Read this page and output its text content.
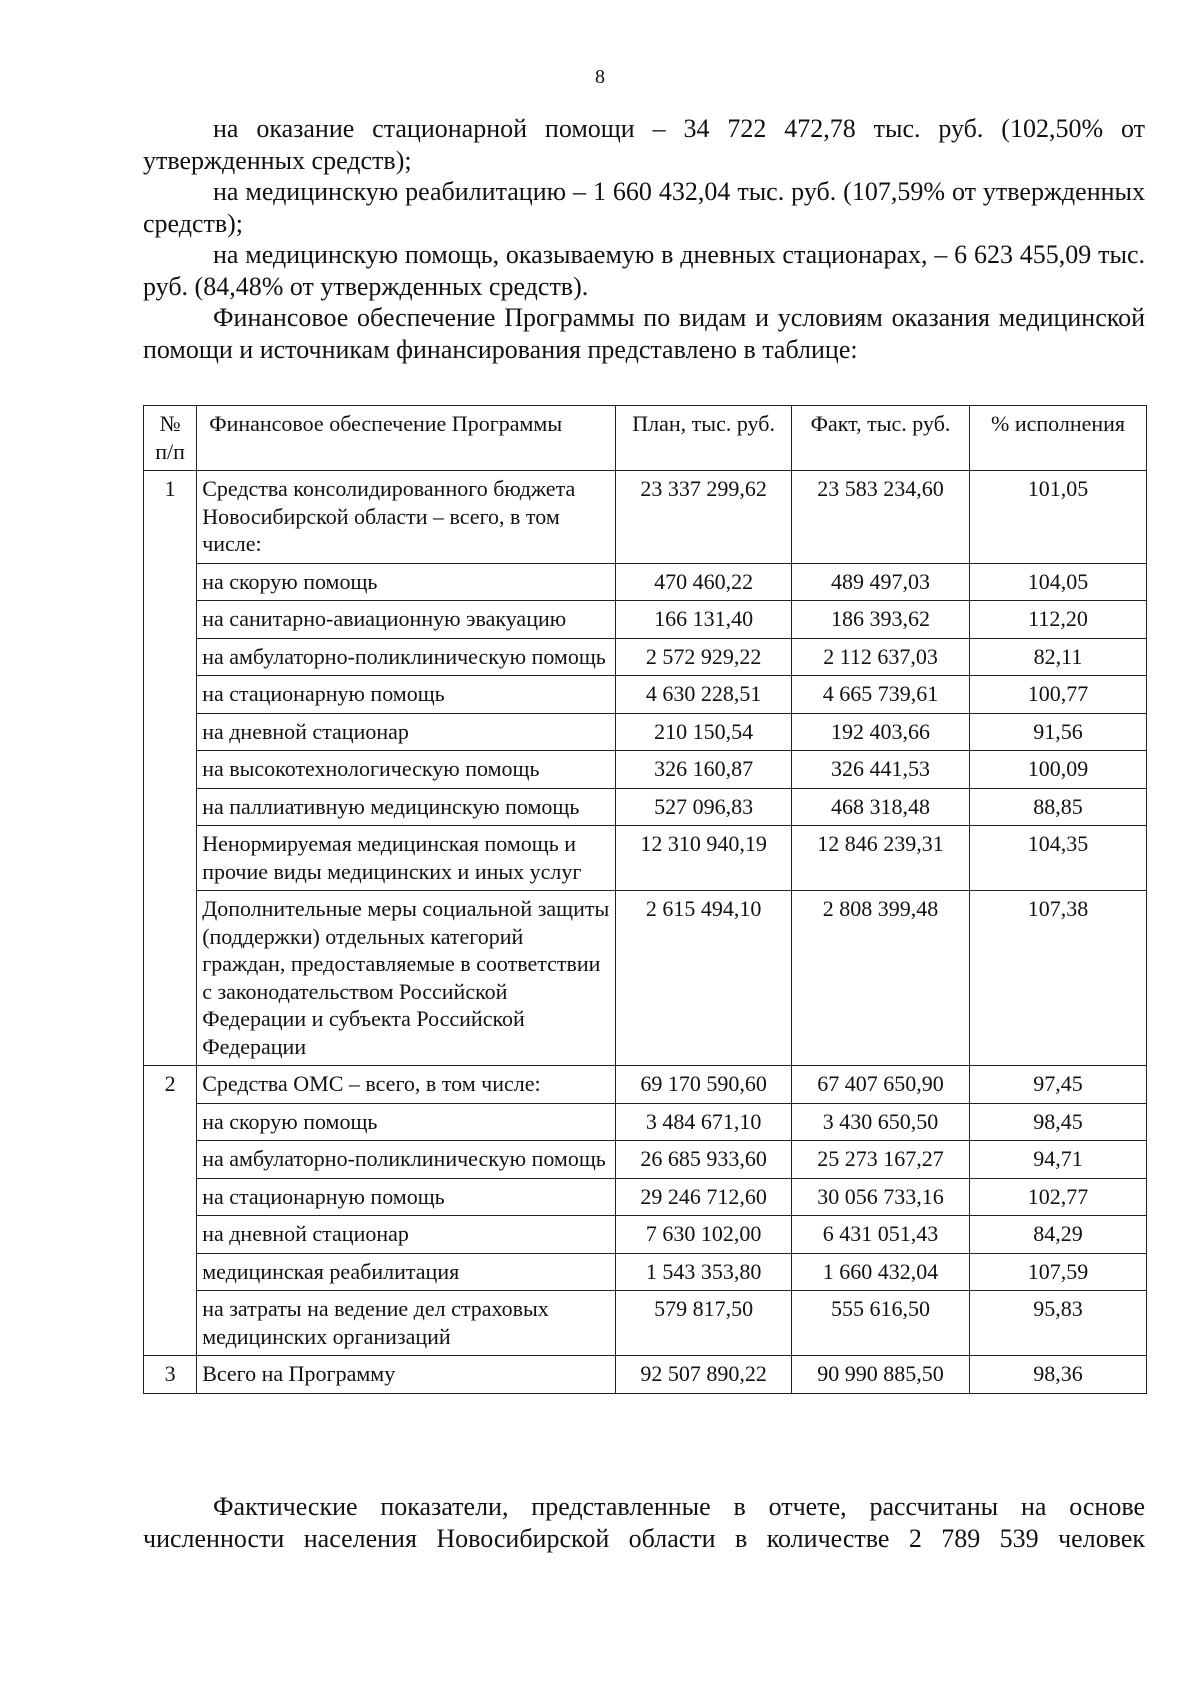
8

на оказание стационарной помощи – 34 722 472,78 тыс. руб. (102,50% от утвержденных средств);

на медицинскую реабилитацию – 1 660 432,04 тыс. руб. (107,59% от утвержденных средств);

на медицинскую помощь, оказываемую в дневных стационарах, – 6 623 455,09 тыс. руб. (84,48% от утвержденных средств).

Финансовое обеспечение Программы по видам и условиям оказания медицинской помощи и источникам финансирования представлено в таблице:

№ п/п	Финансовое обеспечение Программы	План, тыс. руб.	Факт, тыс. руб.	% исполнения
1	Средства консолидированного бюджета Новосибирской области – всего, в том числе:	23 337 299,62	23 583 234,60	101,05
	на скорую помощь	470 460,22	489 497,03	104,05
	на санитарно-авиационную эвакуацию	166 131,40	186 393,62	112,20
	на амбулаторно-поликлиническую помощь	2 572 929,22	2 112 637,03	82,11
	на стационарную помощь	4 630 228,51	4 665 739,61	100,77
	на дневной стационар	210 150,54	192 403,66	91,56
	на высокотехнологическую помощь	326 160,87	326 441,53	100,09
	на паллиативную медицинскую помощь	527 096,83	468 318,48	88,85
	Ненормируемая медицинская помощь и прочие виды медицинских и иных услуг	12 310 940,19	12 846 239,31	104,35
	Дополнительные меры социальной защиты (поддержки) отдельных категорий граждан, предоставляемые в соответствии с законодательством Российской Федерации и субъекта Российской Федерации	2 615 494,10	2 808 399,48	107,38
2	Средства ОМС – всего, в том числе:	69 170 590,60	67 407 650,90	97,45
	на скорую помощь	3 484 671,10	3 430 650,50	98,45
	на амбулаторно-поликлиническую помощь	26 685 933,60	25 273 167,27	94,71
	на стационарную помощь	29 246 712,60	30 056 733,16	102,77
	на дневной стационар	7 630 102,00	6 431 051,43	84,29
	медицинская реабилитация	1 543 353,80	1 660 432,04	107,59
	на затраты на ведение дел страховых медицинских организаций	579 817,50	555 616,50	95,83
3	Всего на Программу	92 507 890,22	90 990 885,50	98,36

Фактические показатели, представленные в отчете, рассчитаны на основе численности населения Новосибирской области в количестве 2 789 539 человек
